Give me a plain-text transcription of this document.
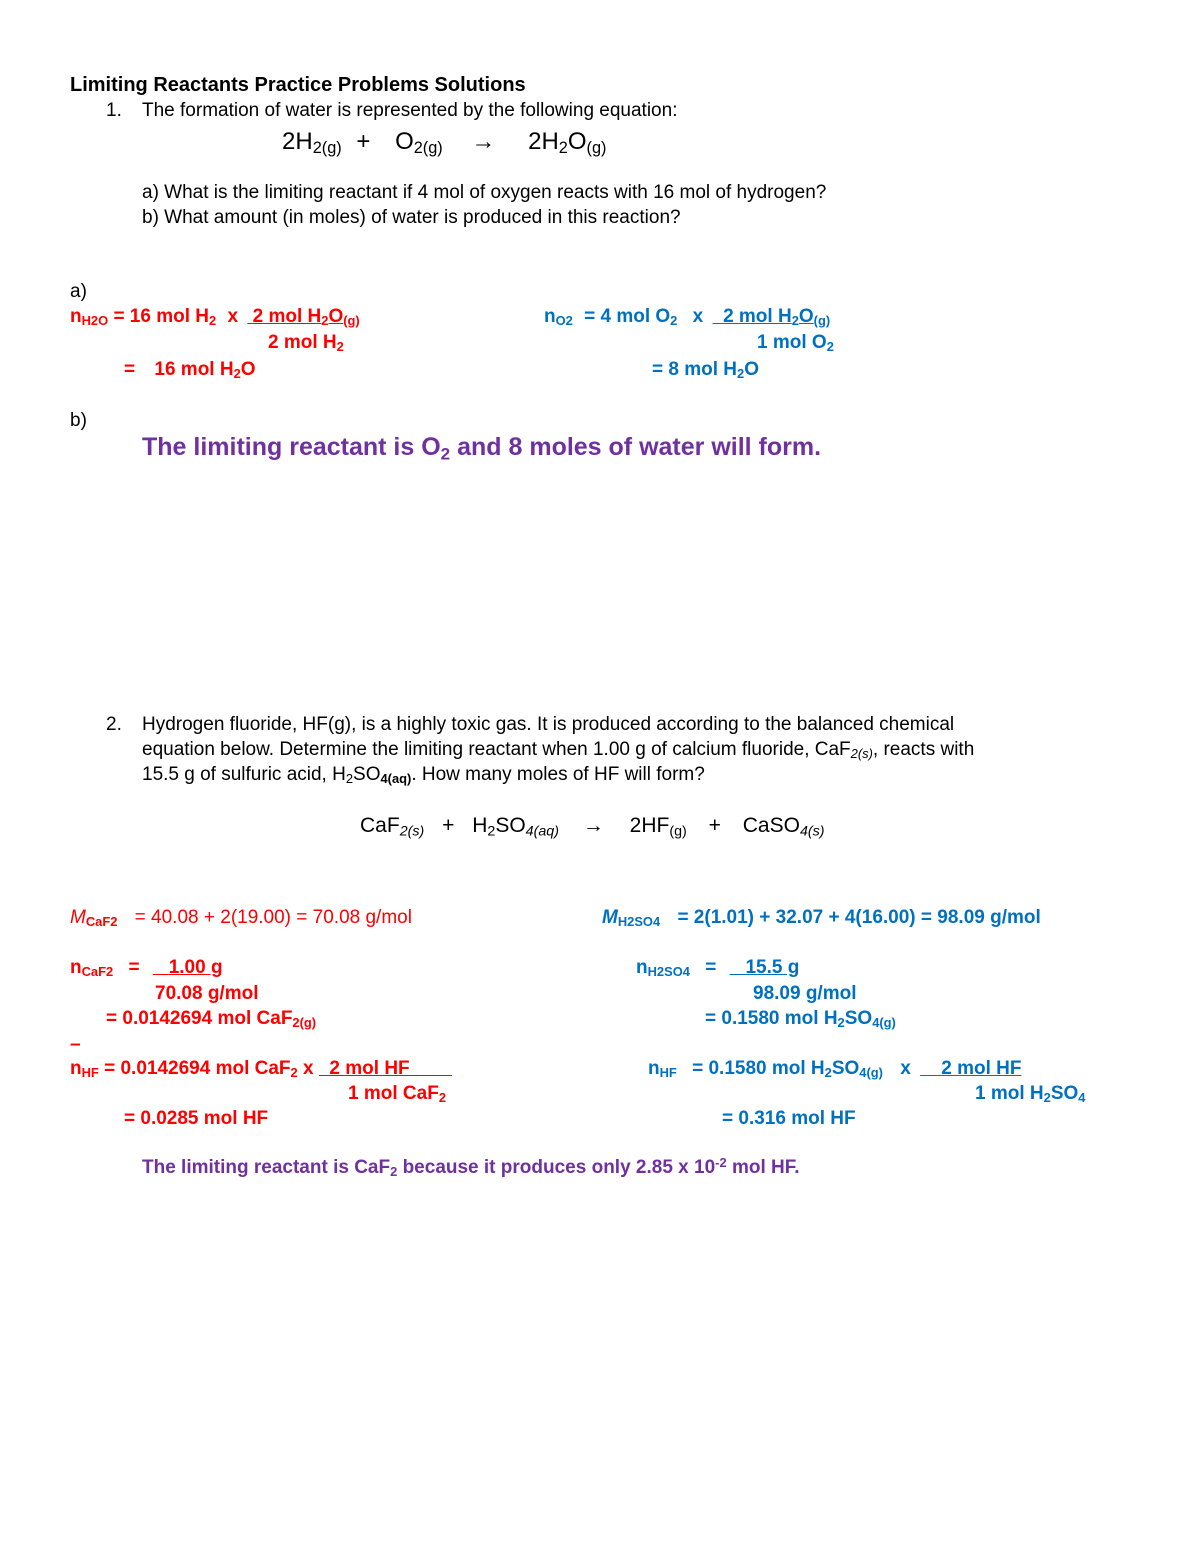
Limiting Reactants Practice Problems Solutions
1. The formation of water is represented by the following equation:
$2H_{2(g)} + O_{2(g)} \to 2H_2O_{(g)}$
a) What is the limiting reactant if 4 mol of oxygen reacts with 16 mol of hydrogen?
b) What amount (in moles) of water is produced in this reaction?
a)
$n_{H2O} = 16$ mol $H_2$ x 2 mol $H_2O_{(g)}$
2 mol $H_2$
= 16 mol $H_2O$
$n_{O2} = 4$ mol $O_2$ x 2 mol $H_2O_{(g)}$
1 mol $O_2$
= 8 mol $H_2O$
b)
The limiting reactant is $O_2$ and 8 moles of water will form.
2. Hydrogen fluoride, HF(g), is a highly toxic gas. It is produced according to the balanced chemical
equation below. Determine the limiting reactant when 1.00 g of calcium fluoride, CaF$_{2(s)}$, reacts with
15.5 g of sulfuric acid, $H_2SO_{4(aq)}$. How many moles of HF will form?
$CaF_{2(s)} + H_2SO_{4(aq)} \to 2HF_{(g)}$ + CaSO$_{4(s)}$
$M_{CaF2} = 40.08 + 2(19.00) = 70.08$ g/mol
$n_{CaF2} = 1.00$ g
70.08 g/mol
= 0.0142694 mol CaF$_{2(g)}$
–
$n_{HF} = 0.0142694$ mol CaF$_2$ x 2 mol HF
1 mol CaF$_2$
= 0.0285 mol HF
$M_{H2SO4} = 2(1.01) + 32.07 + 4(16.00) = 98.09$ g/mol
$n_{H2SO4} = 15.5$ g
98.09 g/mol
= 0.1580 mol $H_2SO_{4(g)}$
$n_{HF} = 0.1580$ mol $H_2SO_{4(g)}$ x 2 mol HF
1 mol $H_2SO_4$
= 0.316 mol HF
The limiting reactant is CaF$_2$ because it produces only 2.85 x $10^{-2}$ mol HF.
